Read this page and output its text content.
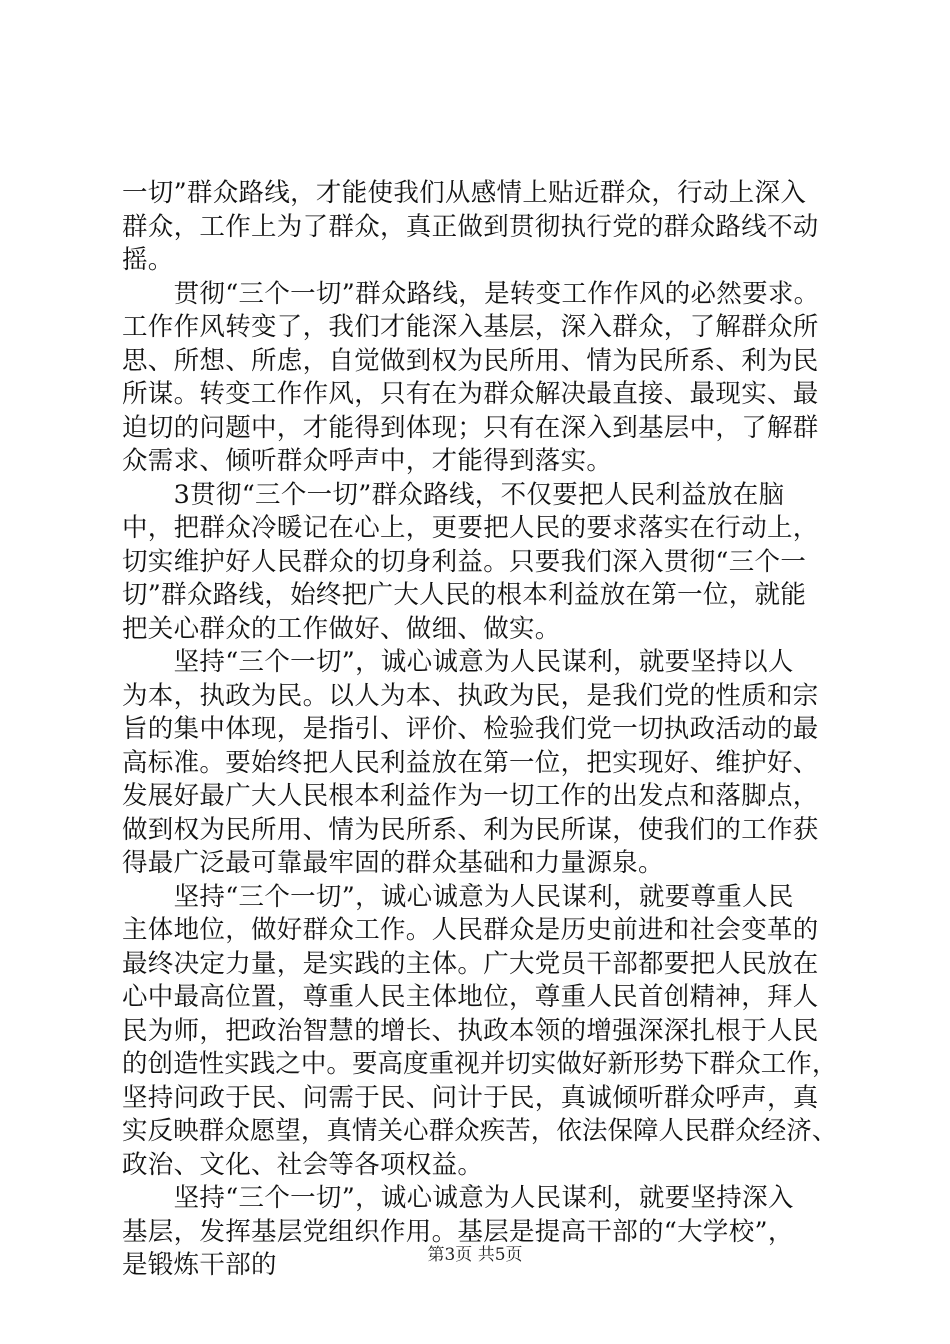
一切”群众路线，才能使我们从感情上贴近群众，行动上深入
群众，工作上为了群众，真正做到贯彻执行党的群众路线不动
摇。
　　贯彻“三个一切”群众路线，是转变工作作风的必然要求。
工作作风转变了，我们才能深入基层，深入群众，了解群众所
思、所想、所虑，自觉做到权为民所用、情为民所系、利为民
所谋。转变工作作风，只有在为群众解决最直接、最现实、最
迫切的问题中，才能得到体现；只有在深入到基层中，了解群
众需求、倾听群众呼声中，才能得到落实。
　　3贯彻“三个一切”群众路线，不仅要把人民利益放在脑
中，把群众冷暖记在心上，更要把人民的要求落实在行动上，
切实维护好人民群众的切身利益。只要我们深入贯彻“三个一
切”群众路线，始终把广大人民的根本利益放在第一位，就能
把关心群众的工作做好、做细、做实。
　　坚持“三个一切”，诚心诚意为人民谋利，就要坚持以人
为本，执政为民。以人为本、执政为民，是我们党的性质和宗
旨的集中体现，是指引、评价、检验我们党一切执政活动的最
高标准。要始终把人民利益放在第一位，把实现好、维护好、
发展好最广大人民根本利益作为一切工作的出发点和落脚点，
做到权为民所用、情为民所系、利为民所谋，使我们的工作获
得最广泛最可靠最牢固的群众基础和力量源泉。
　　坚持“三个一切”，诚心诚意为人民谋利，就要尊重人民
主体地位，做好群众工作。人民群众是历史前进和社会变革的
最终决定力量，是实践的主体。广大党员干部都要把人民放在
心中最高位置，尊重人民主体地位，尊重人民首创精神，拜人
民为师，把政治智慧的增长、执政本领的增强深深扎根于人民
的创造性实践之中。要高度重视并切实做好新形势下群众工作，
坚持问政于民、问需于民、问计于民，真诚倾听群众呼声，真
实反映群众愿望，真情关心群众疾苦，依法保障人民群众经济、
政治、文化、社会等各项权益。
　　坚持“三个一切”，诚心诚意为人民谋利，就要坚持深入
基层，发挥基层党组织作用。基层是提高干部的“大学校”，
是锻炼干部的	第3页 共5页
